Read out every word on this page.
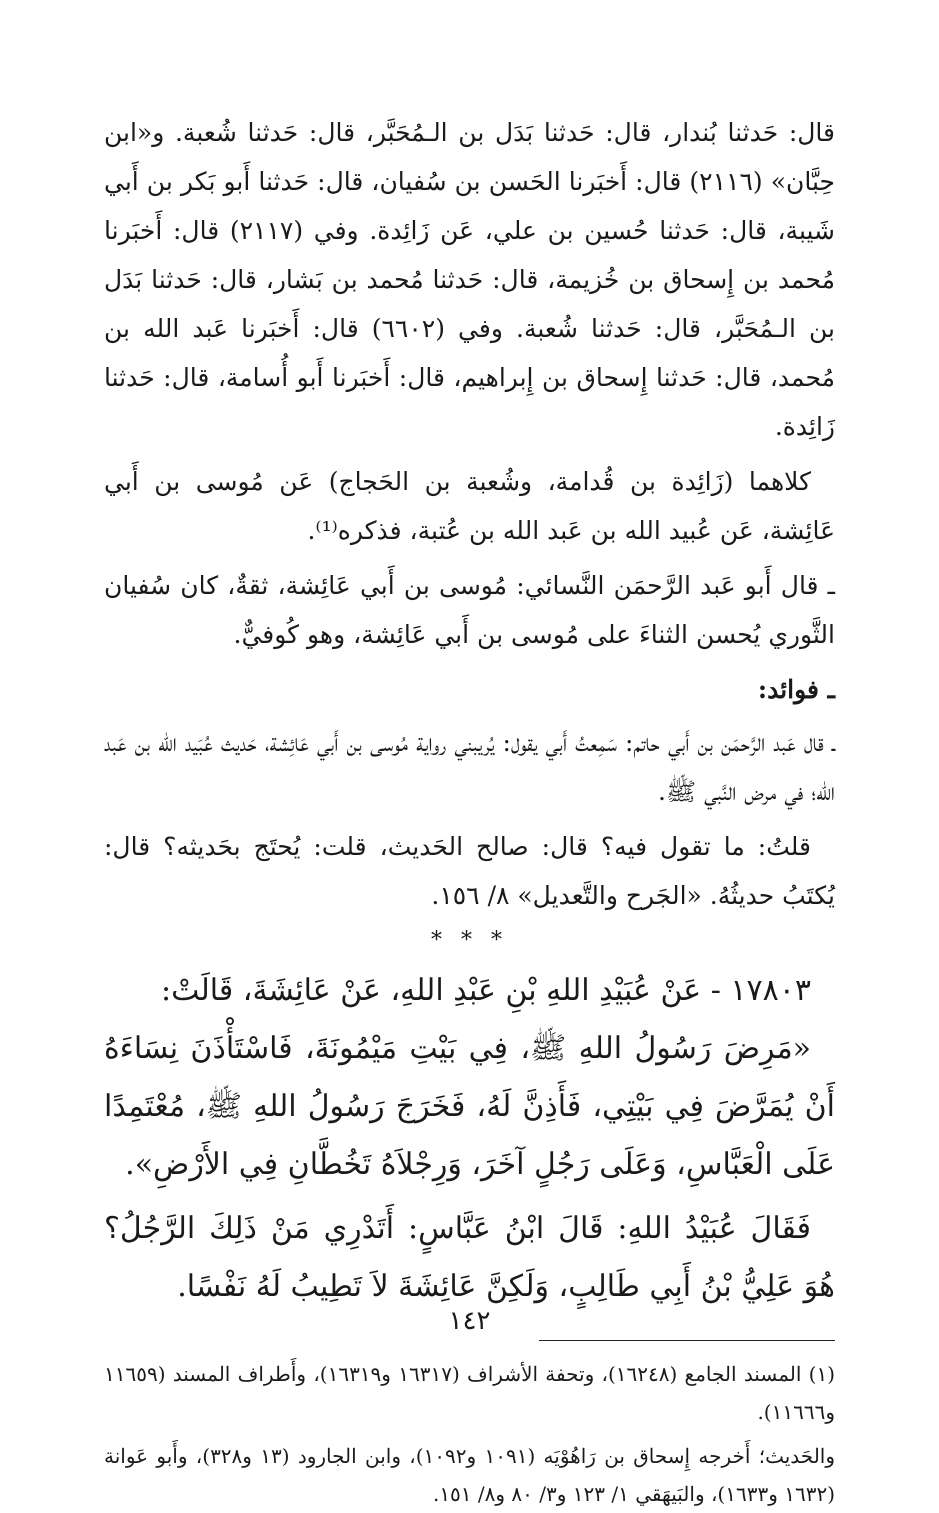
قال: حَدثنا بُندار، قال: حَدثنا بَدَل بن الـمُحَبَّر، قال: حَدثنا شُعبة. و«ابن حِبَّان» (٢١١٦) قال: أَخبَرنا الحَسن بن سُفيان، قال: حَدثنا أَبو بَكر بن أَبي شَيبة، قال: حَدثنا حُسين بن علي، عَن زَائِدة. وفي (٢١١٧) قال: أَخبَرنا مُحمد بن إِسحاق بن خُزيمة، قال: حَدثنا مُحمد بن بَشار، قال: حَدثنا بَدَل بن الـمُحَبَّر، قال: حَدثنا شُعبة. وفي (٦٦٠٢) قال: أَخبَرنا عَبد الله بن مُحمد، قال: حَدثنا إِسحاق بن إِبراهيم، قال: أَخبَرنا أَبو أُسامة، قال: حَدثنا زَائِدة.

كلاهما (زَائِدة بن قُدامة، وشُعبة بن الحَجاج) عَن مُوسى بن أَبي عَائِشة، عَن عُبيد الله بن عَبد الله بن عُتبة، فذكره⁽¹⁾.

ـ قال أَبو عَبد الرَّحمَن النَّسائي: مُوسى بن أَبي عَائِشة، ثقةٌ، كان سُفيان الثَّوري يُحسن الثناءَ على مُوسى بن أَبي عَائِشة، وهو كُوفيٌّ.

ـ فوائد:

ـ قال عَبد الرَّحمَن بن أَبي حاتم: سَمِعتُ أَبي يقول: يُريبني رواية مُوسى بن أَبي عَائِشة، حَديث عُبَيد الله بن عَبد الله؛ في مرض النَّبي ﷺ.

قلتُ: ما تقول فيه؟ قال: صالح الحَديث، قلت: يُحتَج بحَديثه؟ قال: يُكتَبُ حديثُهُ. «الجَرح والتَّعديل» ٨/ ١٥٦.

* * *

١٧٨٠٣ - عَنْ عُبَيْدِ اللهِ بْنِ عَبْدِ اللهِ، عَنْ عَائِشَةَ، قَالَتْ:

«مَرِضَ رَسُولُ اللهِ ﷺ، فِي بَيْتِ مَيْمُونَةَ، فَاسْتَأْذَنَ نِسَاءَهُ أَنْ يُمَرَّضَ فِي بَيْتِي، فَأَذِنَّ لَهُ، فَخَرَجَ رَسُولُ اللهِ ﷺ، مُعْتَمِدًا عَلَى الْعَبَّاسِ، وَعَلَى رَجُلٍ آخَرَ، وَرِجْلاَهُ تَخُطَّانِ فِي الأَرْضِ».

فَقَالَ عُبَيْدُ اللهِ: قَالَ ابْنُ عَبَّاسٍ: أَتَدْرِي مَنْ ذَلِكَ الرَّجُلُ؟ هُوَ عَلِيُّ بْنُ أَبِي طَالِبٍ، وَلَكِنَّ عَائِشَةَ لاَ تَطِيبُ لَهُ نَفْسًا.

(١) المسند الجامع (١٦٢٤٨)، وتحفة الأشراف (١٦٣١٧ و١٦٣١٩)، وأَطراف المسند (١١٦٥٩ و١١٦٦٦).

والحَديث؛ أَخرجه إِسحاق بن رَاهُوْيَه (١٠٩١ و١٠٩٢)، وابن الجارود (١٣ و٣٢٨)، وأَبو عَوانة (١٦٣٢ و١٦٣٣)، والبَيهَقي ١/ ١٢٣ و٣/ ٨٠ و٨/ ١٥١.

١٤٢
